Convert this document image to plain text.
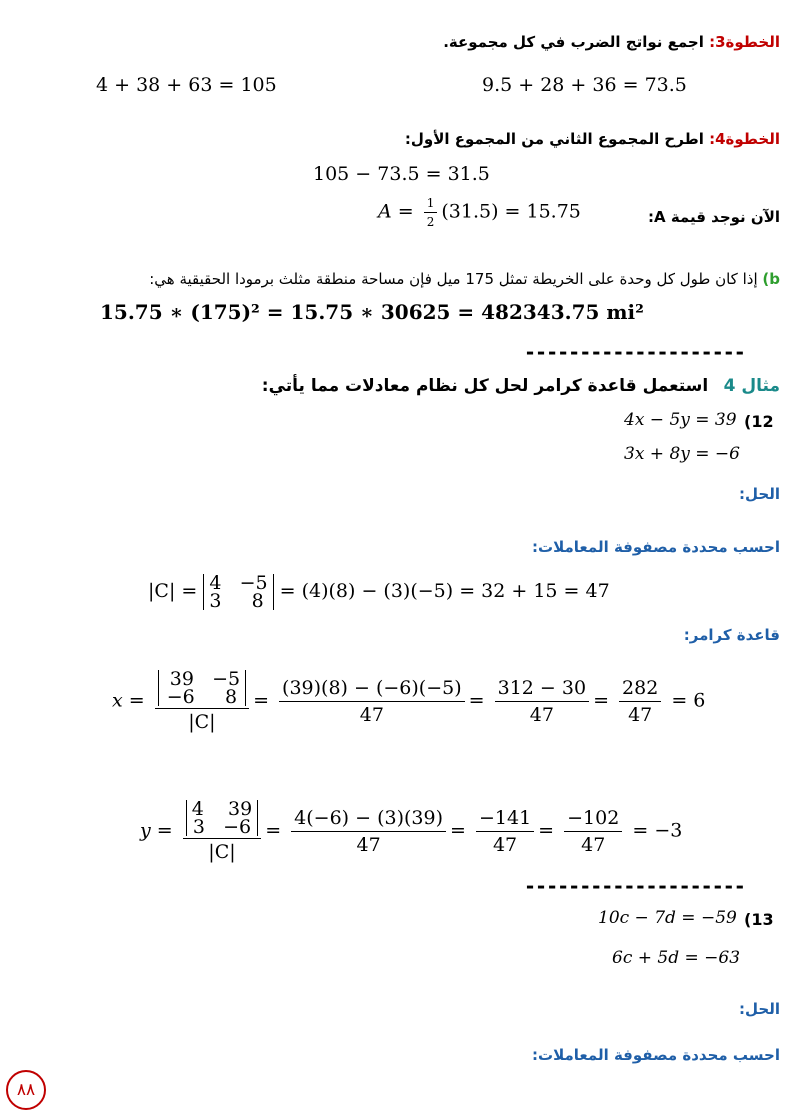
الخطوة3: اجمع نواتج الضرب في كل مجموعة.
4 + 38 + 63 = 105	9.5 + 28 + 36 = 73.5
الخطوة4: اطرح المجموع الثاني من المجموع الأول:
105 − 73.5 = 31.5
الآن نوجد قيمة A:
$A = \frac{1}{2} (31.5) = 15.75$
b) إذا كان طول كل وحدة على الخريطة تمثل 175 ميل فإن مساحة منطقة مثلث برمودا الحقيقية هي:
15.75 ∗ (175)² = 15.75 ∗ 30625 = 482343.75 mi²
--------------------
مثال 4 استعمل قاعدة كرامر لحل كل نظام معادلات مما يأتي:
(12
4x − 5y = 39
3x + 8y = −6
الحل:
احسب محددة مصفوفة المعاملات:
|C| = 4   −5
3     8 = (4)(8) − (3)(−5) = 32 + 15 = 47
قاعدة كرامر:
x = 39   −5
−6     8
$|C| = \frac{(39)(8) - (-6)(-5)}{47} = \frac{312 - 30}{47} = \frac{282}{47} = 6$
y = 4    39
3   −6
$|C| = \frac{4(-6) - (3)(39)}{47} = \frac{-141}{47} = \frac{-102}{47} = -3$
--------------------
(13
10c − 7d = −59
6c + 5d = −63
الحل:
احسب محددة مصفوفة المعاملات:
٨٨
